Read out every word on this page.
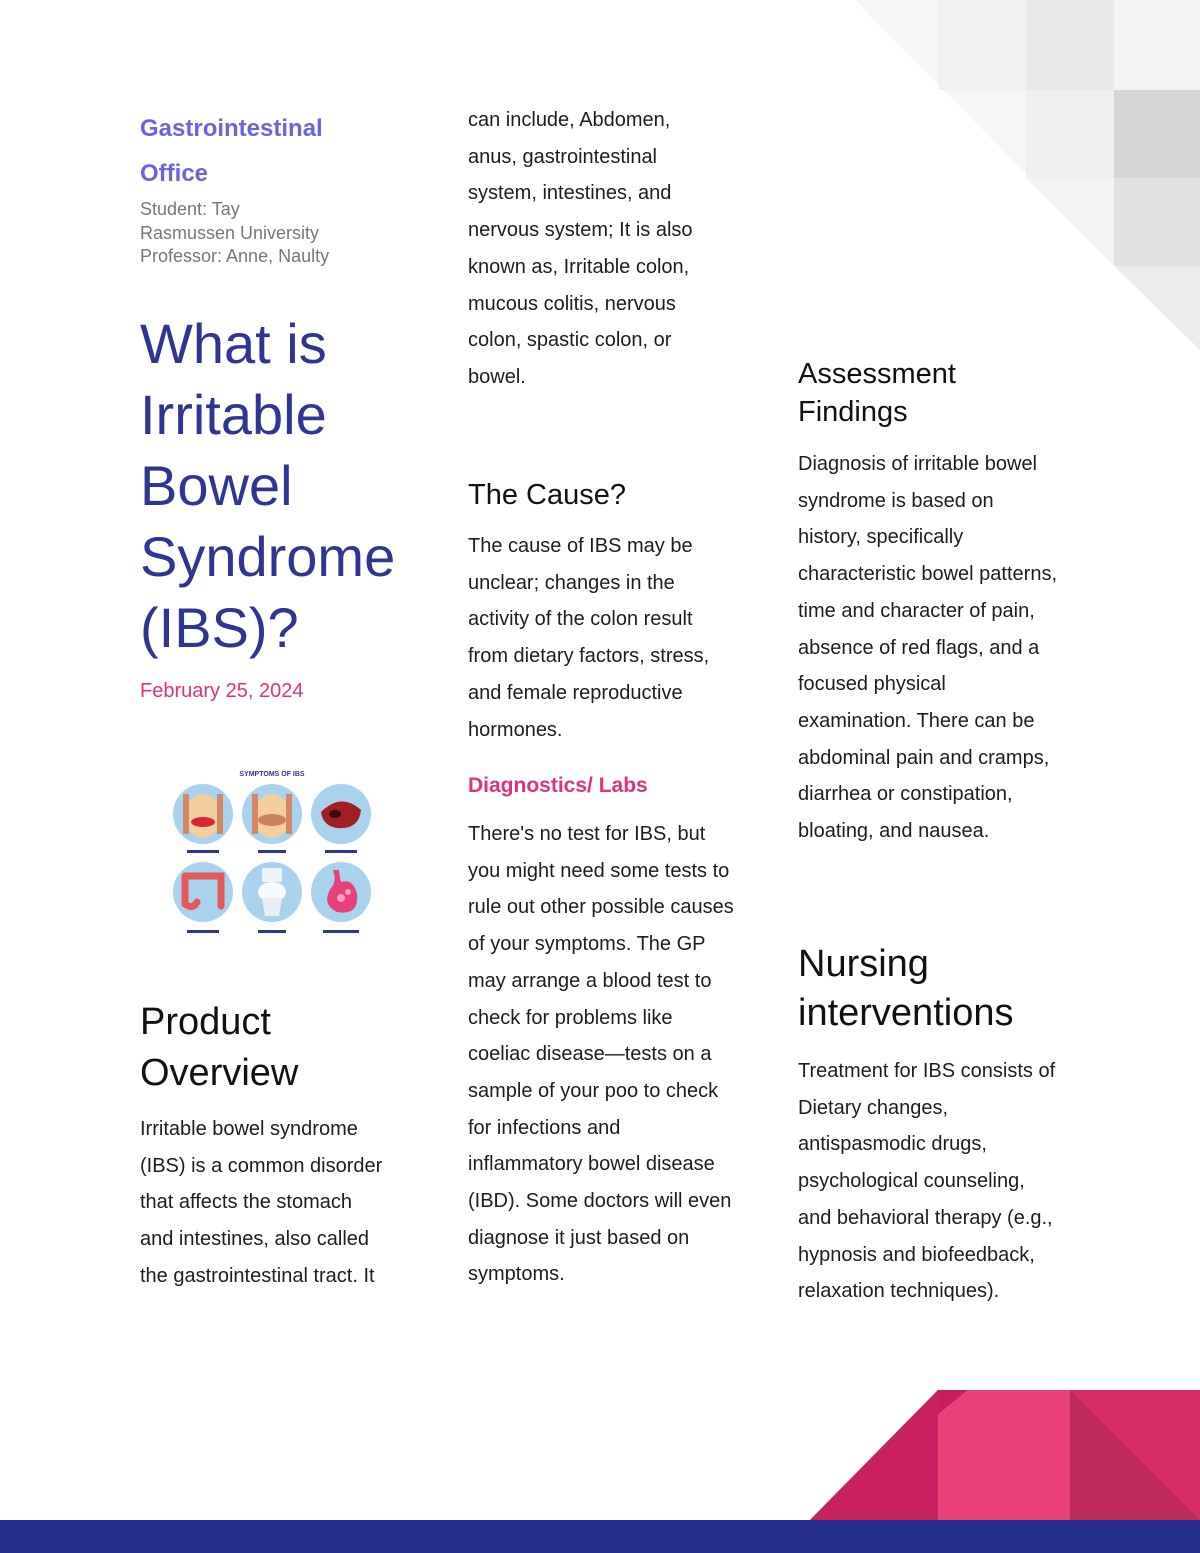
Gastrointestinal Office
Student: Tay
Rasmussen University
Professor: Anne, Naulty
What is Irritable Bowel Syndrome (IBS)?
February 25, 2024
SYMPTOMS OF IBS
Product Overview

Irritable bowel syndrome (IBS) is a common disorder that affects the stomach and intestines, also called the gastrointestinal tract. It

can include, Abdomen, anus, gastrointestinal system, intestines, and nervous system; It is also known as, Irritable colon, mucous colitis, nervous colon, spastic colon, or bowel.

The Cause?

The cause of IBS may be unclear; changes in the activity of the colon result from dietary factors, stress, and female reproductive hormones.

Diagnostics/ Labs

There's no test for IBS, but you might need some tests to rule out other possible causes of your symptoms. The GP may arrange a blood test to check for problems like coeliac disease—tests on a sample of your poo to check for infections and inflammatory bowel disease (IBD). Some doctors will even diagnose it just based on symptoms.

Assessment Findings

Diagnosis of irritable bowel syndrome is based on history, specifically characteristic bowel patterns, time and character of pain, absence of red flags, and a focused physical examination. There can be abdominal pain and cramps, diarrhea or constipation, bloating, and nausea.

Nursing interventions

Treatment for IBS consists of Dietary changes, antispasmodic drugs, psychological counseling, and behavioral therapy (e.g., hypnosis and biofeedback, relaxation techniques).
